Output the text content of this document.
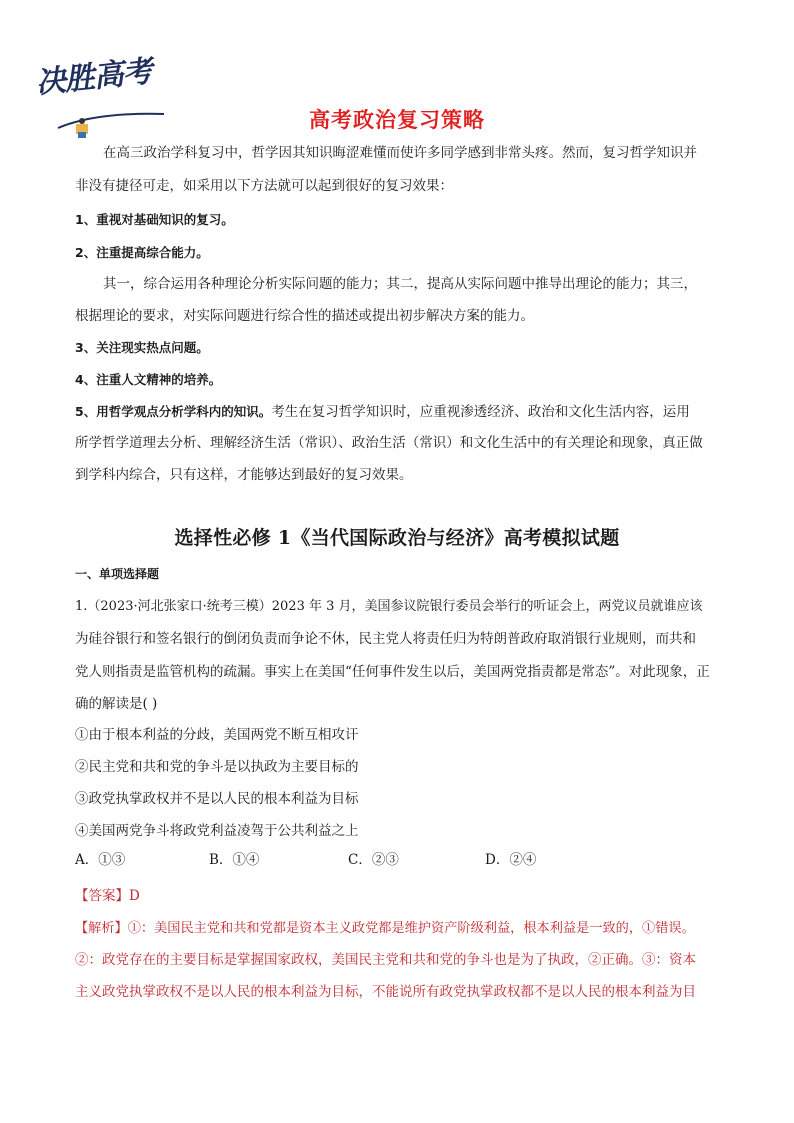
决胜高考
高考政治复习策略
在高三政治学科复习中，哲学因其知识晦涩难懂而使许多同学感到非常头疼。然而，复习哲学知识并
非没有捷径可走，如采用以下方法就可以起到很好的复习效果：
1、重视对基础知识的复习。
2、注重提高综合能力。
其一，综合运用各种理论分析实际问题的能力；其二，提高从实际问题中推导出理论的能力；其三，
根据理论的要求，对实际问题进行综合性的描述或提出初步解决方案的能力。
3、关注现实热点问题。
4、注重人文精神的培养。
5、用哲学观点分析学科内的知识。考生在复习哲学知识时，应重视渗透经济、政治和文化生活内容，运用
所学哲学道理去分析、理解经济生活（常识）、政治生活（常识）和文化生活中的有关理论和现象，真正做
到学科内综合，只有这样，才能够达到最好的复习效果。
选择性必修 1《当代国际政治与经济》高考模拟试题
一、单项选择题
1.（2023·河北张家口·统考三模）2023 年 3 月，美国参议院银行委员会举行的听证会上，两党议员就谁应该
为硅谷银行和签名银行的倒闭负责而争论不休，民主党人将责任归为特朗普政府取消银行业规则，而共和
党人则指责是监管机构的疏漏。事实上在美国“任何事件发生以后，美国两党指责都是常态”。对此现象，正
确的解读是( )
①由于根本利益的分歧，美国两党不断互相攻讦
②民主党和共和党的争斗是以执政为主要目标的
③政党执掌政权并不是以人民的根本利益为目标
④美国两党争斗将政党利益凌驾于公共利益之上
A．①③	B．①④	C．②③	D．②④
【答案】D
【解析】①：美国民主党和共和党都是资本主义政党都是维护资产阶级利益，根本利益是一致的，①错误。
②：政党存在的主要目标是掌握国家政权，美国民主党和共和党的争斗也是为了执政，②正确。③：资本
主义政党执掌政权不是以人民的根本利益为目标，不能说所有政党执掌政权都不是以人民的根本利益为目
